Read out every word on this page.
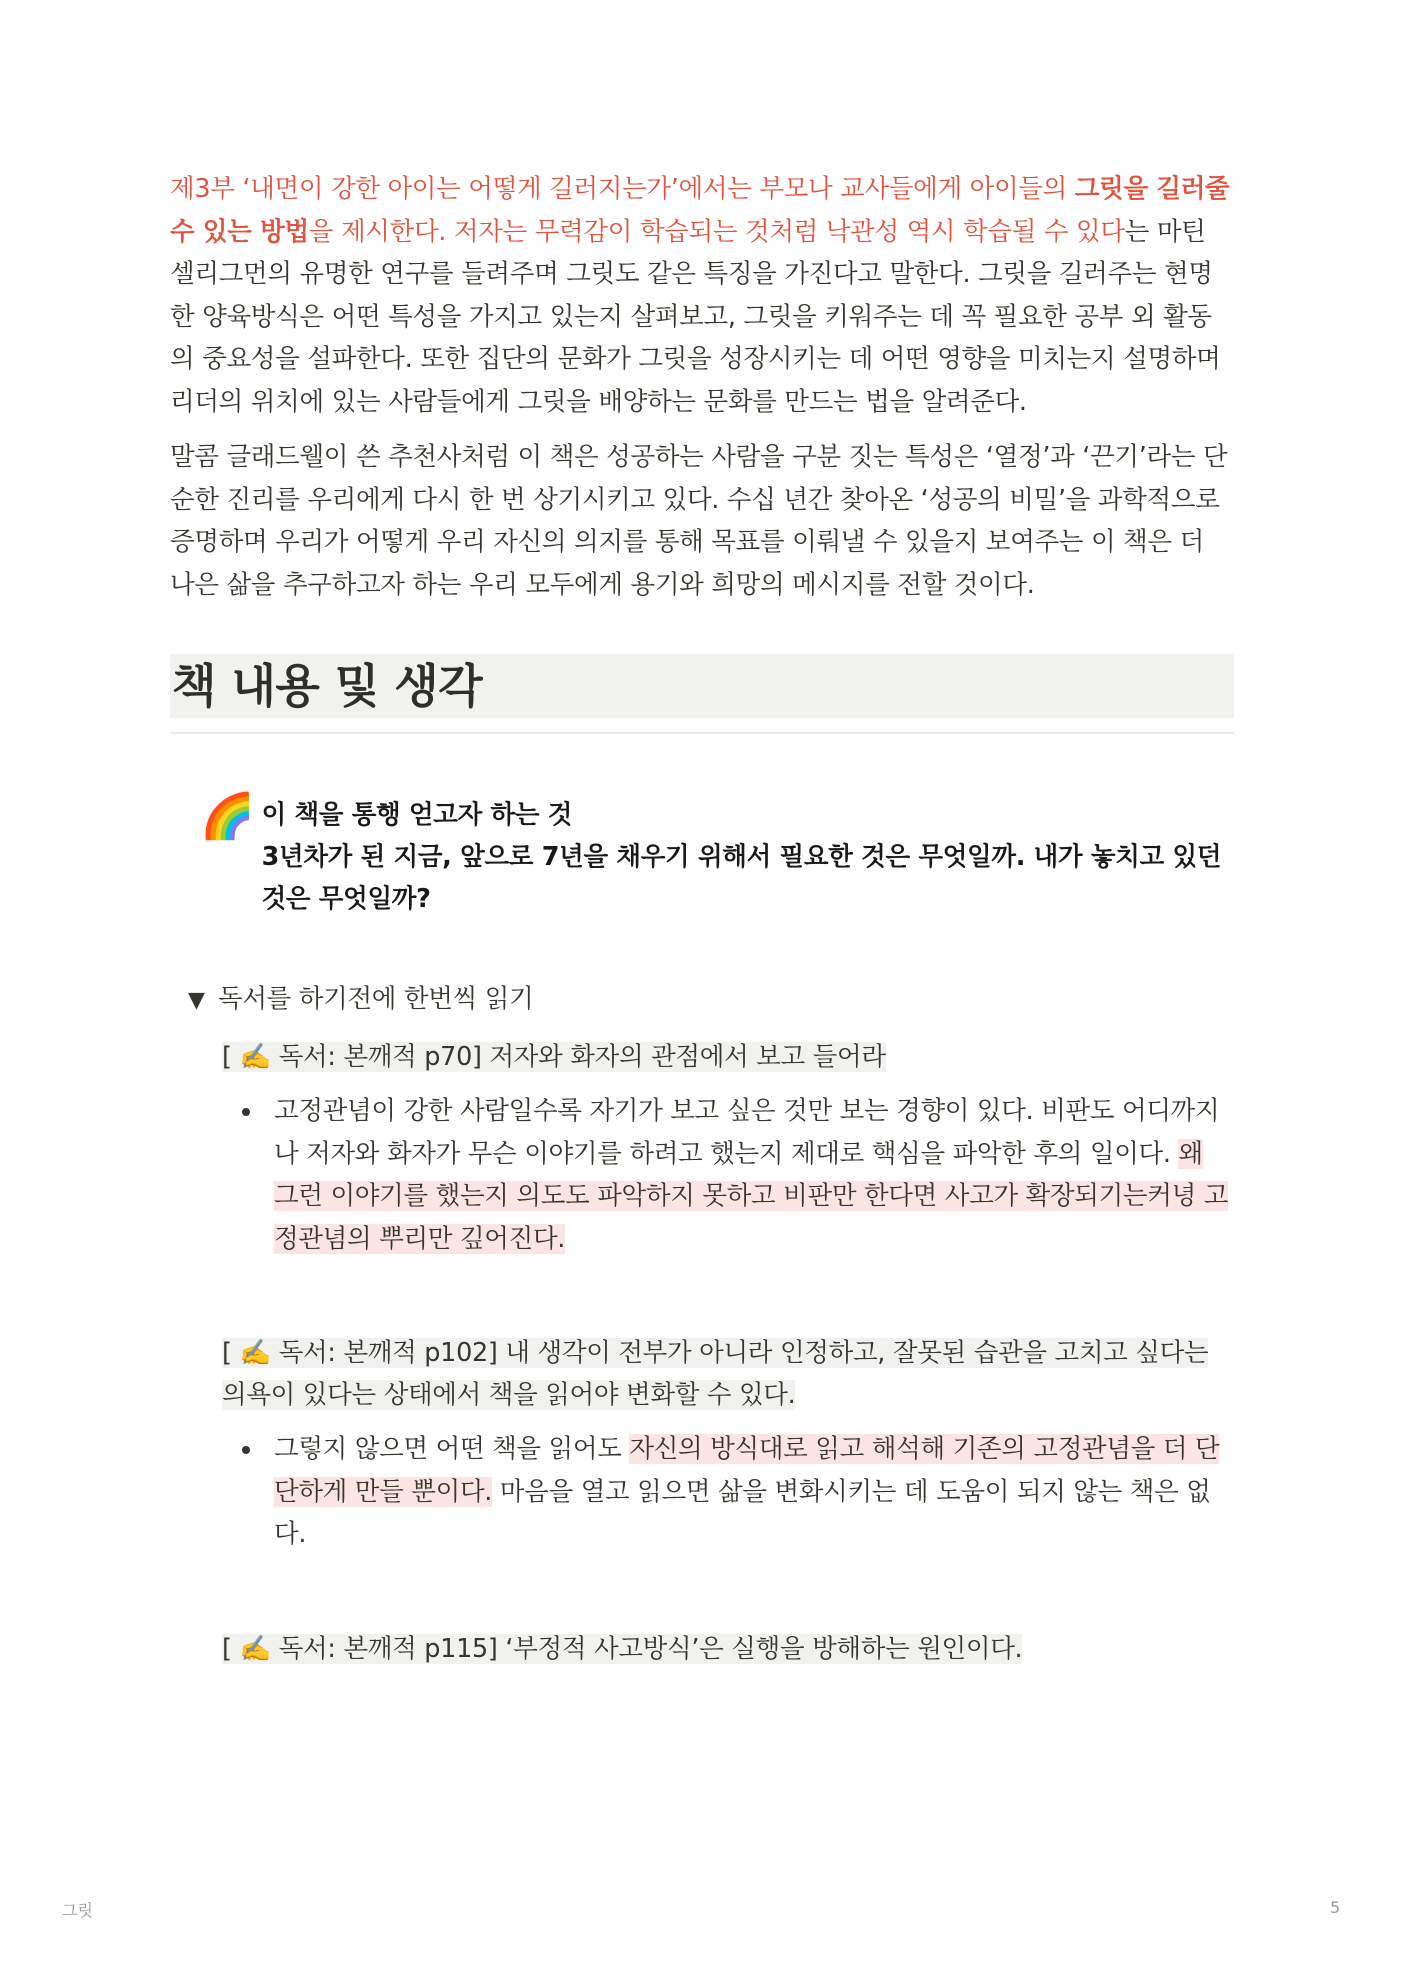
제3부 ‘내면이 강한 아이는 어떻게 길러지는가’에서는 부모나 교사들에게 아이들의 그릿을 길러줄 수 있는 방법을 제시한다. 저자는 무력감이 학습되는 것처럼 낙관성 역시 학습될 수 있다는 마틴 셀리그먼의 유명한 연구를 들려주며 그릿도 같은 특징을 가진다고 말한다. 그릿을 길러주는 현명한 양육방식은 어떤 특성을 가지고 있는지 살펴보고, 그릿을 키워주는 데 꼭 필요한 공부 외 활동의 중요성을 설파한다. 또한 집단의 문화가 그릿을 성장시키는 데 어떤 영향을 미치는지 설명하며 리더의 위치에 있는 사람들에게 그릿을 배양하는 문화를 만드는 법을 알려준다.

말콤 글래드웰이 쓴 추천사처럼 이 책은 성공하는 사람을 구분 짓는 특성은 ‘열정’과 ‘끈기’라는 단순한 진리를 우리에게 다시 한 번 상기시키고 있다. 수십 년간 찾아온 ‘성공의 비밀’을 과학적으로 증명하며 우리가 어떻게 우리 자신의 의지를 통해 목표를 이뤄낼 수 있을지 보여주는 이 책은 더 나은 삶을 추구하고자 하는 우리 모두에게 용기와 희망의 메시지를 전할 것이다.

책 내용 및 생각
🌈 이 책을 통행 얻고자 하는 것
3년차가 된 지금, 앞으로 7년을 채우기 위해서 필요한 것은 무엇일까. 내가 놓치고 있던 것은 무엇일까?
▼ 독서를 하기전에 한번씩 읽기
[ ✍️ 독서: 본깨적 p70] 저자와 화자의 관점에서 보고 들어라
고정관념이 강한 사람일수록 자기가 보고 싶은 것만 보는 경향이 있다. 비판도 어디까지나 저자와 화자가 무슨 이야기를 하려고 했는지 제대로 핵심을 파악한 후의 일이다. 왜 그런 이야기를 했는지 의도도 파악하지 못하고 비판만 한다면 사고가 확장되기는커녕 고정관념의 뿌리만 깊어진다.
[ ✍️ 독서: 본깨적 p102] 내 생각이 전부가 아니라 인정하고, 잘못된 습관을 고치고 싶다는 의욕이 있다는 상태에서 책을 읽어야 변화할 수 있다.
그렇지 않으면 어떤 책을 읽어도 자신의 방식대로 읽고 해석해 기존의 고정관념을 더 단단하게 만들 뿐이다. 마음을 열고 읽으면 삶을 변화시키는 데 도움이 되지 않는 책은 없다.
[ ✍️ 독서: 본깨적 p115] ‘부정적 사고방식’은 실행을 방해하는 원인이다.
그릿	5
